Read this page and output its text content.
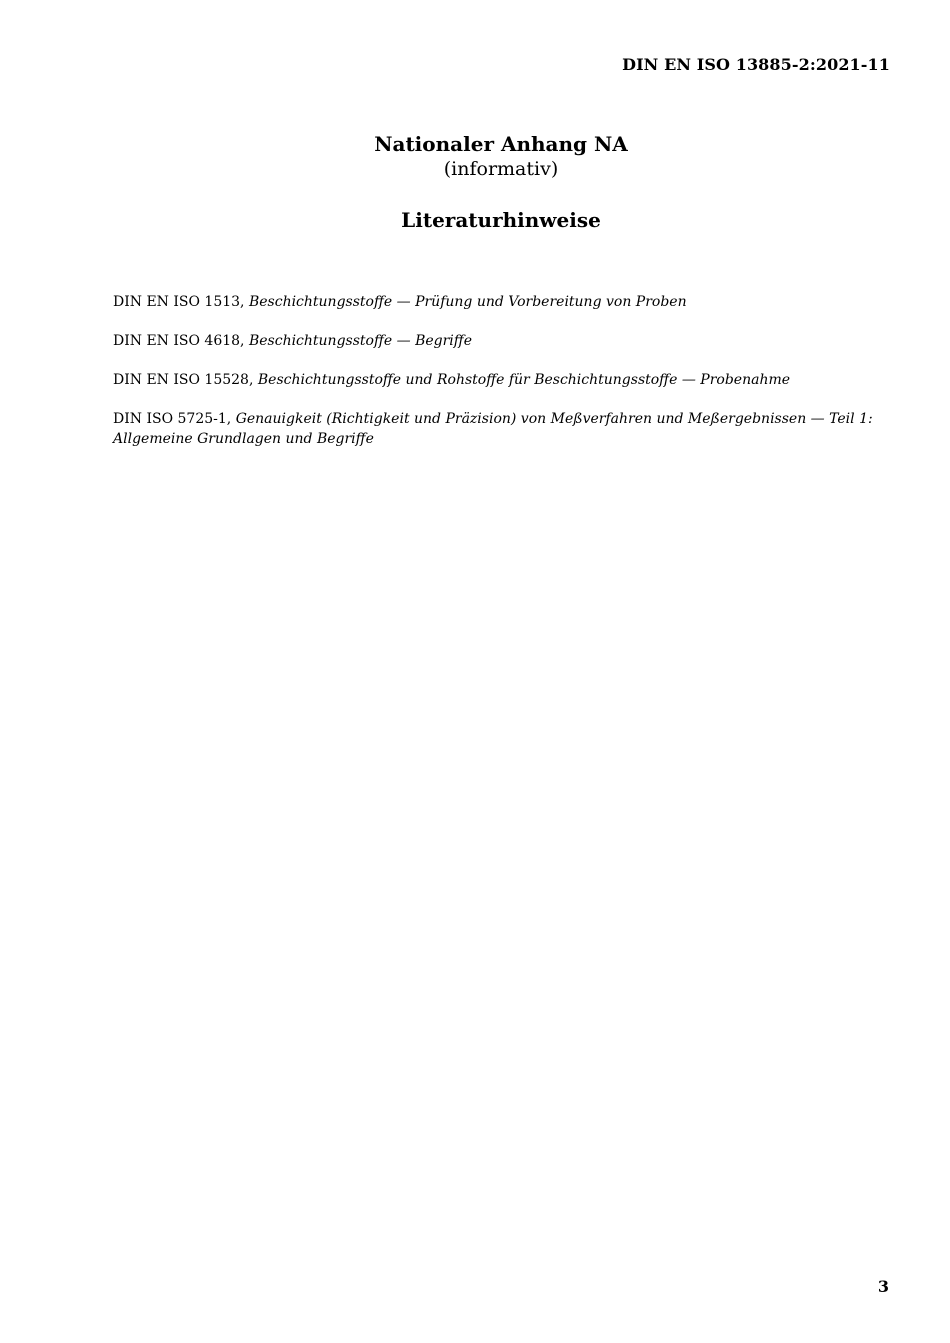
DIN EN ISO 13885-2:2021-11
Nationaler Anhang NA
(informativ)
Literaturhinweise
DIN EN ISO 1513, Beschichtungsstoffe — Prüfung und Vorbereitung von Proben
DIN EN ISO 4618, Beschichtungsstoffe — Begriffe
DIN EN ISO 15528, Beschichtungsstoffe und Rohstoffe für Beschichtungsstoffe — Probenahme
DIN ISO 5725-1, Genauigkeit (Richtigkeit und Präzision) von Meßverfahren und Meßergebnissen — Teil 1: Allgemeine Grundlagen und Begriffe
3
